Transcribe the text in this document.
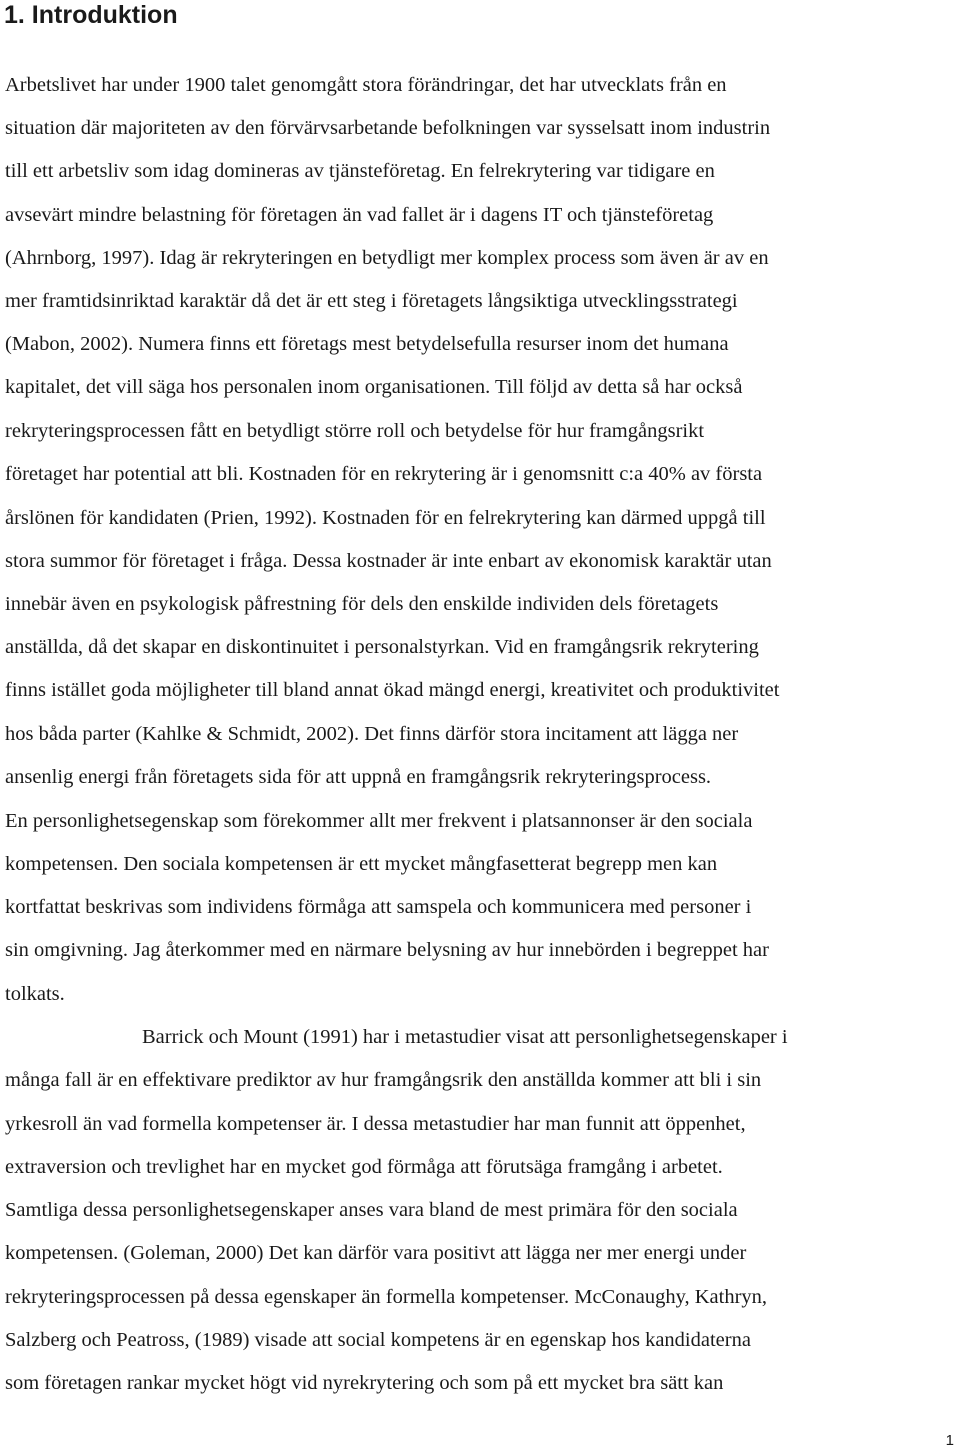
1. Introduktion
Arbetslivet har under 1900 talet genomgått stora förändringar, det har utvecklats från en
situation där majoriteten av den förvärvsarbetande befolkningen var sysselsatt inom industrin
till ett arbetsliv som idag domineras av tjänsteföretag. En felrekrytering var tidigare en
avsevärt mindre belastning för företagen än vad fallet är i dagens IT och tjänsteföretag
(Ahrnborg, 1997). Idag är rekryteringen en betydligt mer komplex process som även är av en
mer framtidsinriktad karaktär då det är ett steg i företagets långsiktiga utvecklingsstrategi
(Mabon, 2002). Numera finns ett företags mest betydelsefulla resurser inom det humana
kapitalet, det vill säga hos personalen inom organisationen. Till följd av detta så har också
rekryteringsprocessen fått en betydligt större roll och betydelse för hur framgångsrikt
företaget har potential att bli. Kostnaden för en rekrytering är i genomsnitt c:a 40% av första
årslönen för kandidaten (Prien, 1992). Kostnaden för en felrekrytering kan därmed uppgå till
stora summor för företaget i fråga. Dessa kostnader är inte enbart av ekonomisk karaktär utan
innebär även en psykologisk påfrestning för dels den enskilde individen dels företagets
anställda, då det skapar en diskontinuitet i personalstyrkan. Vid en framgångsrik rekrytering
finns istället goda möjligheter till bland annat ökad mängd energi, kreativitet och produktivitet
hos båda parter (Kahlke & Schmidt, 2002). Det finns därför stora incitament att lägga ner
ansenlig energi från företagets sida för att uppnå en framgångsrik rekryteringsprocess.
En personlighetsegenskap som förekommer allt mer frekvent i platsannonser är den sociala
kompetensen. Den sociala kompetensen är ett mycket mångfasetterat begrepp men kan
kortfattat beskrivas som individens förmåga att samspela och kommunicera med personer i
sin omgivning. Jag återkommer med en närmare belysning av hur innebörden i begreppet har
tolkats.
Barrick och Mount (1991) har i metastudier visat att personlighetsegenskaper i
många fall är en effektivare prediktor av hur framgångsrik den anställda kommer att bli i sin
yrkesroll än vad formella kompetenser är. I dessa metastudier har man funnit att öppenhet,
extraversion och trevlighet har en mycket god förmåga att förutsäga framgång i arbetet.
Samtliga dessa personlighetsegenskaper anses vara bland de mest primära för den sociala
kompetensen. (Goleman, 2000) Det kan därför vara positivt att lägga ner mer energi under
rekryteringsprocessen på dessa egenskaper än formella kompetenser. McConaughy, Kathryn,
Salzberg och Peatross, (1989) visade att social kompetens är en egenskap hos kandidaterna
som företagen rankar mycket högt vid nyrekrytering och som på ett mycket bra sätt kan
1
